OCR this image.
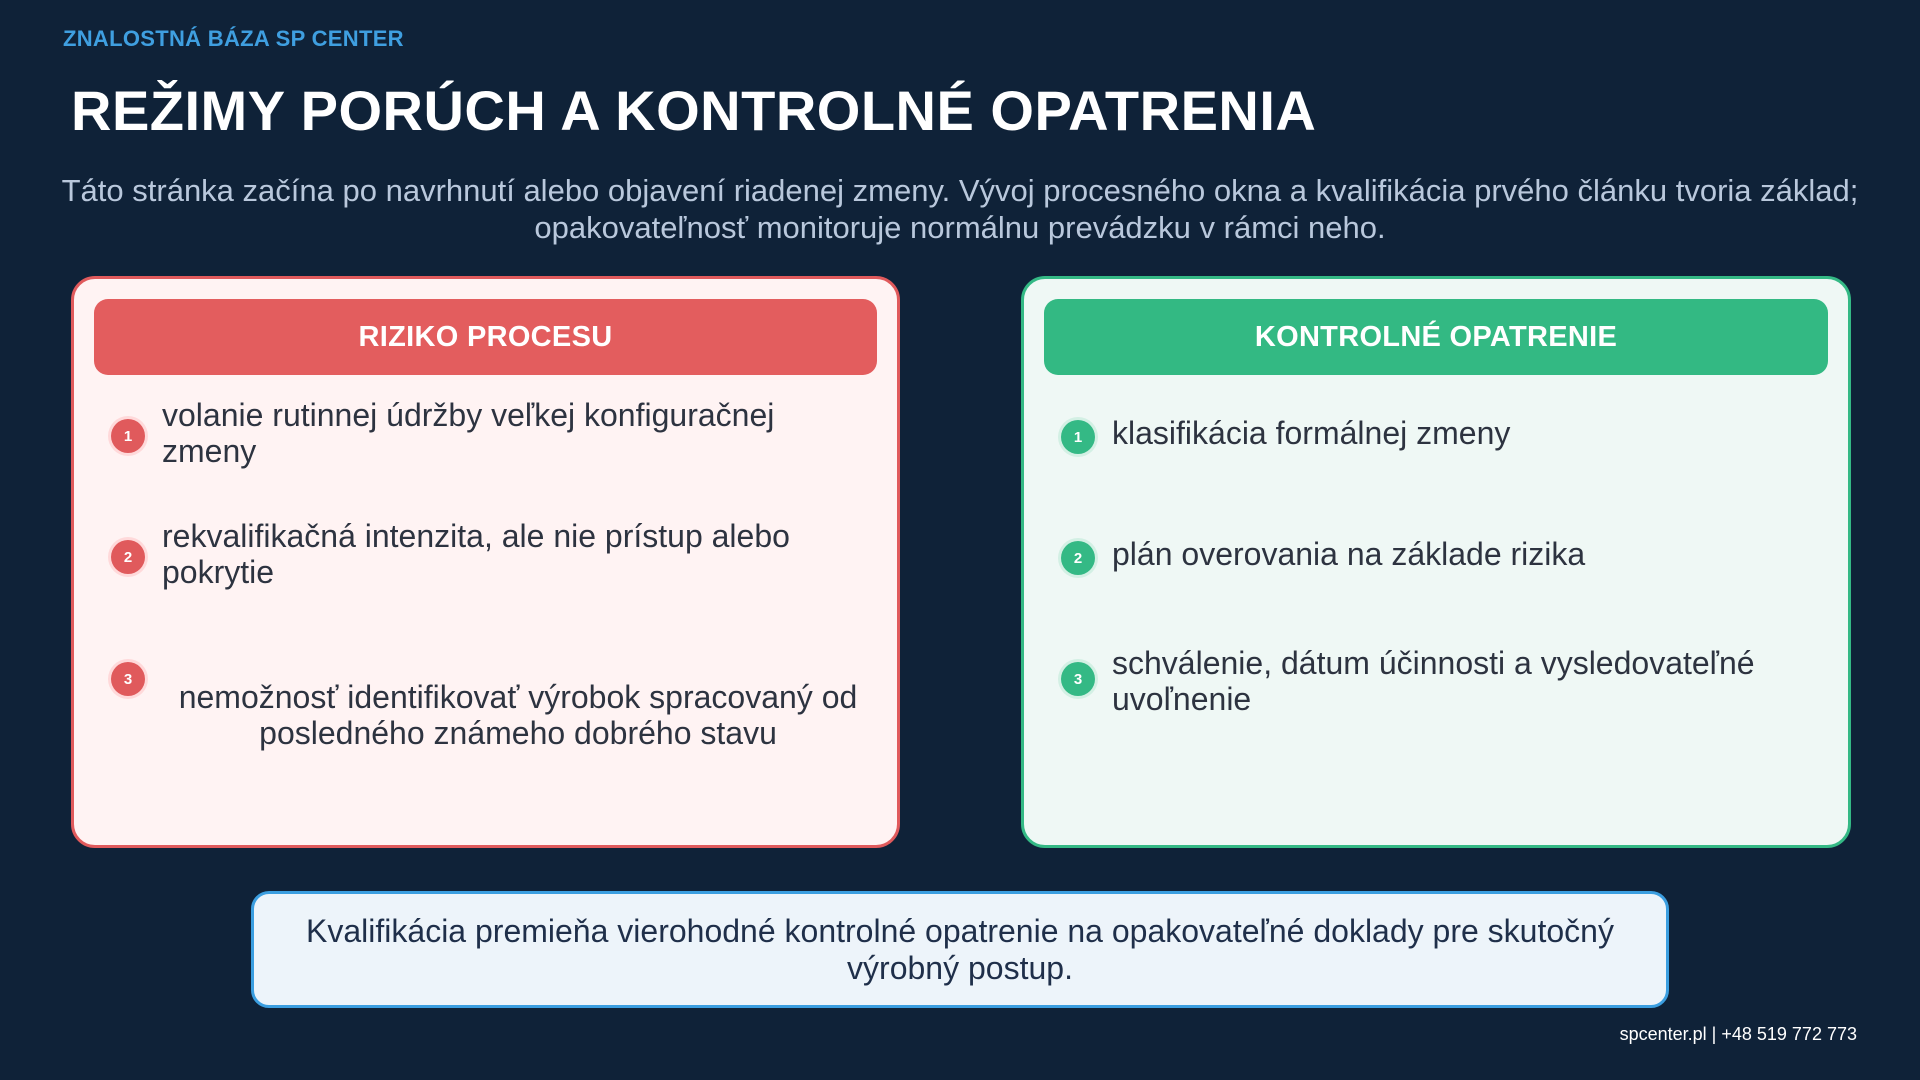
ZNALOSTNÁ BÁZA SP CENTER
REŽIMY PORÚCH A KONTROLNÉ OPATRENIA
Táto stránka začína po navrhnutí alebo objavení riadenej zmeny. Vývoj procesného okna a kvalifikácia prvého článku tvoria základ; opakovateľnosť monitoruje normálnu prevádzku v rámci neho.
RIZIKO PROCESU
1
volanie rutinnej údržby veľkej konfiguračnej zmeny
2
rekvalifikačná intenzita, ale nie prístup alebo pokrytie
3	nemožnosť identifikovať výrobok spracovaný od posledného známeho dobrého stavu
KONTROLNÉ OPATRENIE
1 klasifikácia formálnej zmeny
2 plán overovania na základe rizika
3 schválenie, dátum účinnosti a vysledovateľné uvoľnenie
Kvalifikácia premieňa vierohodné kontrolné opatrenie na opakovateľné doklady pre skutočný výrobný postup.
spcenter.pl | +48 519 772 773
